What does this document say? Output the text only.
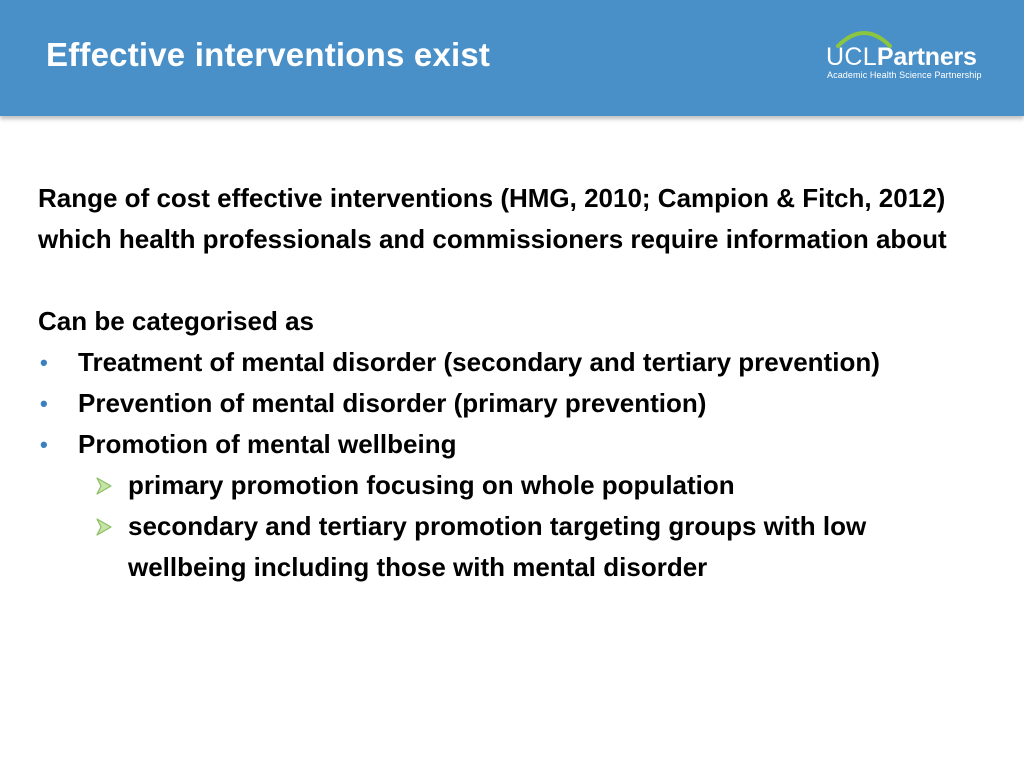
Effective interventions exist	UCLPartners
Academic Health Science Partnership

Range of cost effective interventions (HMG, 2010; Campion & Fitch, 2012) which health professionals and commissioners require information about

Can be categorised as

• Treatment of mental disorder (secondary and tertiary prevention)
• Prevention of mental disorder (primary prevention)
• Promotion of mental wellbeing
primary promotion focusing on whole population
secondary and tertiary promotion targeting groups with low wellbeing including those with mental disorder
